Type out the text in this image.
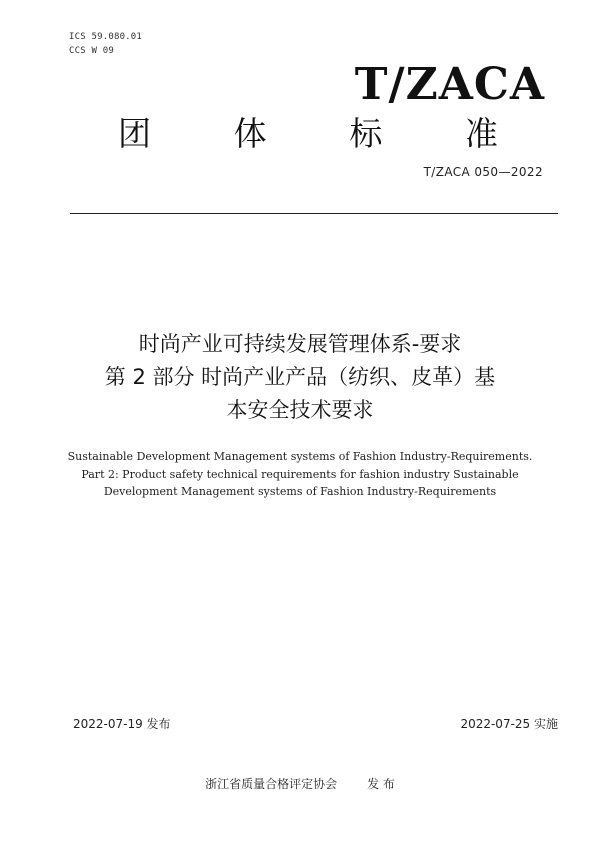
ICS 59.080.01
CCS W 09
T/ZACA
团	体	标	准
T/ZACA 050—2022
时尚产业可持续发展管理体系-要求
第 2 部分 时尚产业产品（纺织、皮革）基
本安全技术要求
Sustainable Development Management systems of Fashion Industry-Requirements.
Part 2: Product safety technical requirements for fashion industry Sustainable
Development Management systems of Fashion Industry-Requirements
2022-07-19 发布	2022-07-25 实施
浙江省质量合格评定协会	发 布
